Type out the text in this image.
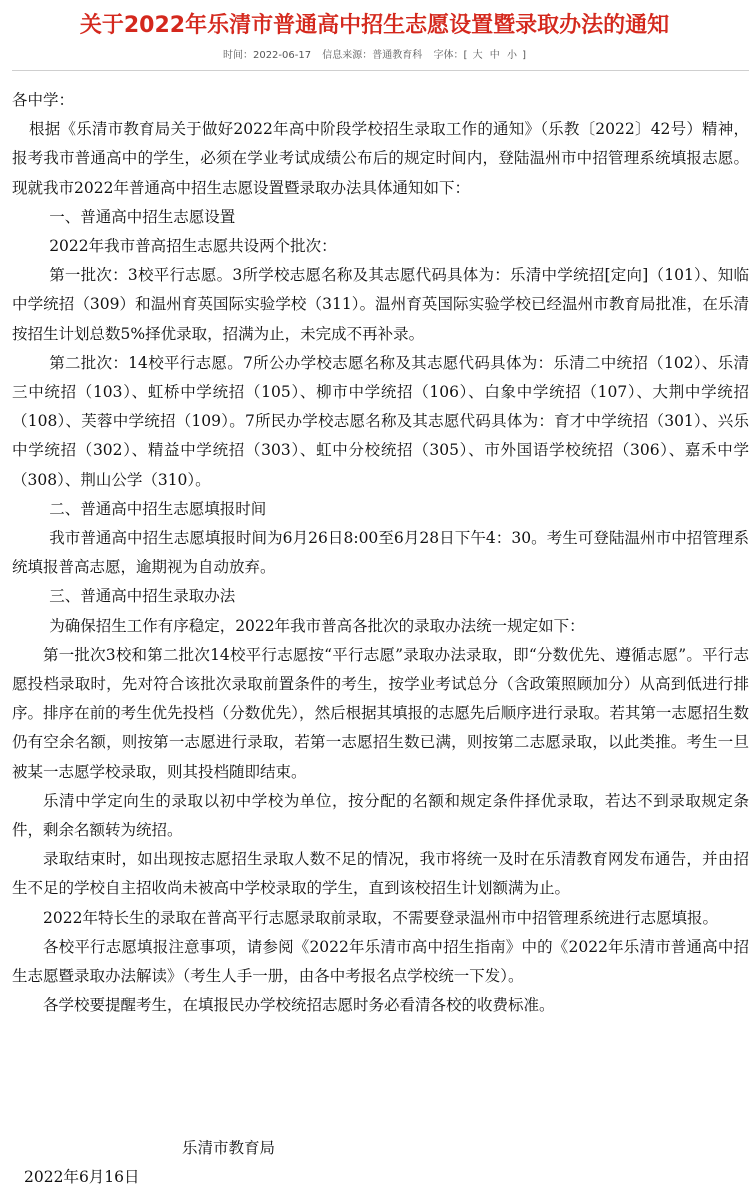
关于2022年乐清市普通高中招生志愿设置暨录取办法的通知
时间：2022-06-17 信息来源：普通教育科 字体：[ 大 中 小 ]

各中学：

根据《乐清市教育局关于做好2022年高中阶段学校招生录取工作的通知》（乐教〔2022〕42号）精神，报考我市普通高中的学生，必须在学业考试成绩公布后的规定时间内，登陆温州市中招管理系统填报志愿。现就我市2022年普通高中招生志愿设置暨录取办法具体通知如下：

一、普通高中招生志愿设置

2022年我市普高招生志愿共设两个批次：

第一批次：3校平行志愿。3所学校志愿名称及其志愿代码具体为：乐清中学统招[定向]（101）、知临中学统招（309）和温州育英国际实验学校（311）。温州育英国际实验学校已经温州市教育局批准，在乐清按招生计划总数5%择优录取，招满为止，未完成不再补录。

第二批次：14校平行志愿。7所公办学校志愿名称及其志愿代码具体为：乐清二中统招（102）、乐清三中统招（103）、虹桥中学统招（105）、柳市中学统招（106）、白象中学统招（107）、大荆中学统招（108）、芙蓉中学统招（109）。7所民办学校志愿名称及其志愿代码具体为：育才中学统招（301）、兴乐中学统招（302）、精益中学统招（303）、虹中分校统招（305）、市外国语学校统招（306）、嘉禾中学（308）、荆山公学（310）。

二、普通高中招生志愿填报时间

我市普通高中招生志愿填报时间为6月26日8:00至6月28日下午4：30。考生可登陆温州市中招管理系统填报普高志愿，逾期视为自动放弃。

三、普通高中招生录取办法

为确保招生工作有序稳定，2022年我市普高各批次的录取办法统一规定如下：

第一批次3校和第二批次14校平行志愿按“平行志愿”录取办法录取，即“分数优先、遵循志愿”。平行志愿投档录取时，先对符合该批次录取前置条件的考生，按学业考试总分（含政策照顾加分）从高到低进行排序。排序在前的考生优先投档（分数优先），然后根据其填报的志愿先后顺序进行录取。若其第一志愿招生数仍有空余名额，则按第一志愿进行录取，若第一志愿招生数已满，则按第二志愿录取，以此类推。考生一旦被某一志愿学校录取，则其投档随即结束。

乐清中学定向生的录取以初中学校为单位，按分配的名额和规定条件择优录取，若达不到录取规定条件，剩余名额转为统招。

录取结束时，如出现按志愿招生录取人数不足的情况，我市将统一及时在乐清教育网发布通告，并由招生不足的学校自主招收尚未被高中学校录取的学生，直到该校招生计划额满为止。

2022年特长生的录取在普高平行志愿录取前录取，不需要登录温州市中招管理系统进行志愿填报。

各校平行志愿填报注意事项，请参阅《2022年乐清市高中招生指南》中的《2022年乐清市普通高中招生志愿暨录取办法解读》（考生人手一册，由各中考报名点学校统一下发）。

各学校要提醒考生，在填报民办学校统招志愿时务必看清各校的收费标准。

乐清市教育局
2022年6月16日
